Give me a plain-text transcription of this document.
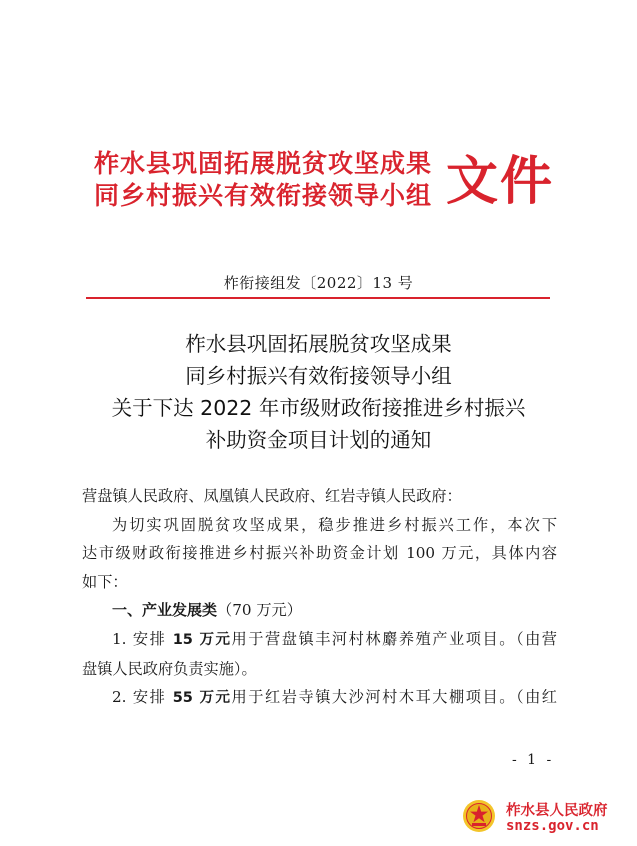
柞水县巩固拓展脱贫攻坚成果
同乡村振兴有效衔接领导小组 文件
柞衔接组发〔2022〕13 号
柞水县巩固拓展脱贫攻坚成果
同乡村振兴有效衔接领导小组
关于下达 2022 年市级财政衔接推进乡村振兴
补助资金项目计划的通知
营盘镇人民政府、凤凰镇人民政府、红岩寺镇人民政府：
为切实巩固脱贫攻坚成果，稳步推进乡村振兴工作，本次下
达市级财政衔接推进乡村振兴补助资金计划 100 万元，具体内容
如下：
一、产业发展类（70 万元）
1. 安排 15 万元用于营盘镇丰河村林麝养殖产业项目。（由营
盘镇人民政府负责实施）。
2. 安排 55 万元用于红岩寺镇大沙河村木耳大棚项目。（由红
- 1 -
柞水县人民政府
snzs.gov.cn
